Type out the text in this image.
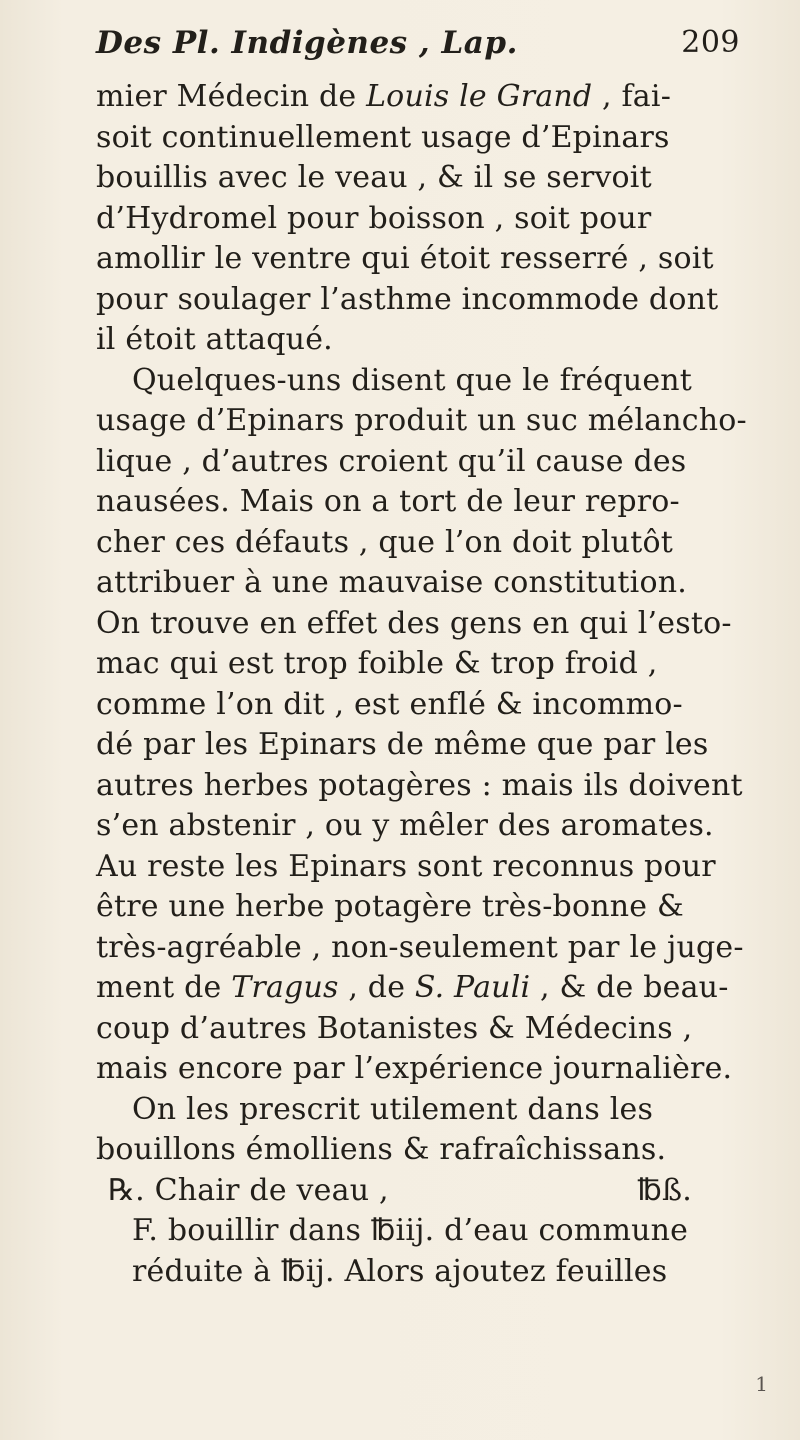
Des Pl. Indigènes , Lap.	209
mier Médecin de Louis le Grand , fai-
soit continuellement usage d’Epinars
bouillis avec le veau , & il se servoit
d’Hydromel pour boisson , soit pour
amollir le ventre qui étoit resserré , soit
pour soulager l’asthme incommode dont
il étoit attaqué.
Quelques-uns disent que le fréquent
usage d’Epinars produit un suc mélancho-
lique , d’autres croient qu’il cause des
nausées. Mais on a tort de leur repro-
cher ces défauts , que l’on doit plutôt
attribuer à une mauvaise constitution.
On trouve en effet des gens en qui l’esto-
mac qui est trop foible & trop froid ,
comme l’on dit , est enflé & incommo-
dé par les Epinars de même que par les
autres herbes potagères : mais ils doivent
s’en abstenir , ou y mêler des aromates.
Au reste les Epinars sont reconnus pour
être une herbe potagère très-bonne &
très-agréable , non-seulement par le juge-
ment de Tragus , de S. Pauli , & de beau-
coup d’autres Botanistes & Médecins ,
mais encore par l’expérience journalière.
On les prescrit utilement dans les
bouillons émolliens & rafraîchissans.
℞. Chair de veau ,	℔ß.
F. bouillir dans ℔iij. d’eau commune
réduite à ℔ij. Alors ajoutez feuilles
1
